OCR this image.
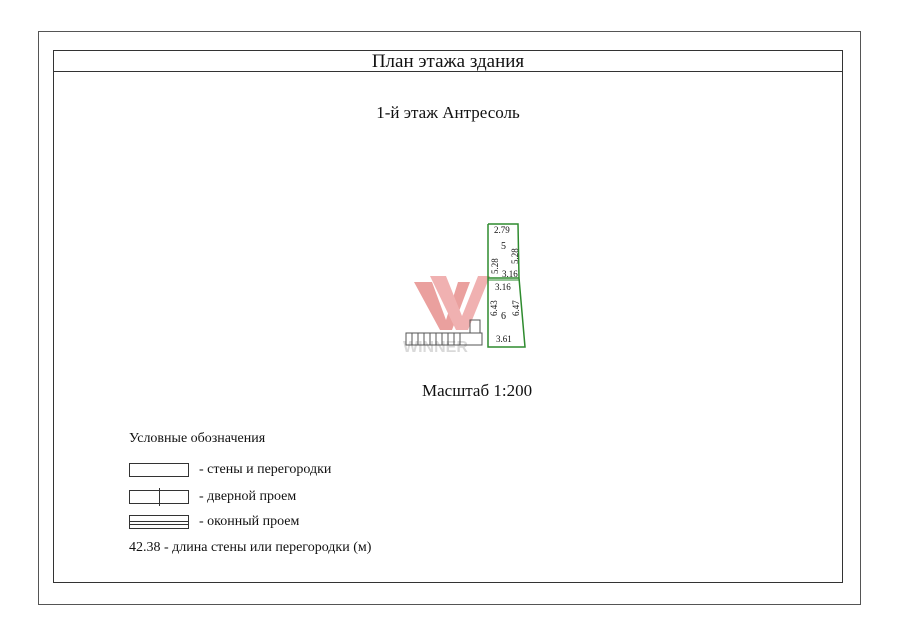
План этажа здания
1-й этаж Антресоль
Масштаб 1:200
Условные обозначения
- стены и перегородки
- дверной проем
- оконный проем
42.38 - длина стены или перегородки (м)
WINNER
2.79
5
5.28
5.28
3.16
3.16
6.43
6
6.47
3.61
